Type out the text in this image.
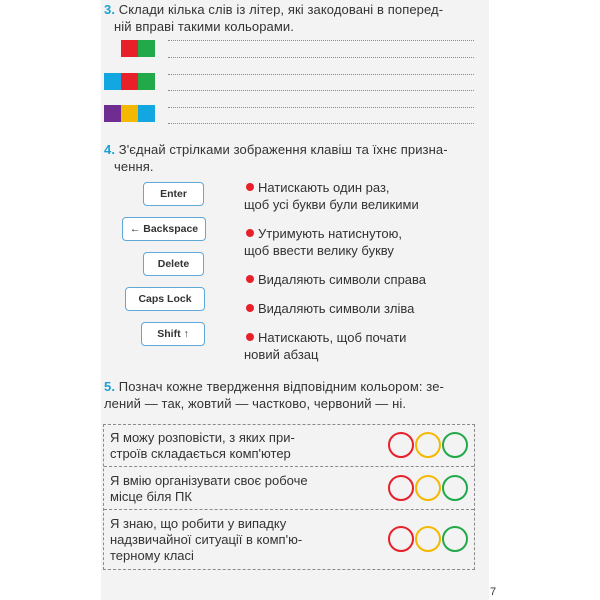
3. Склади кілька слів із літер, які закодовані в поперед-
ній вправі такими кольорами.
4. З'єднай стрілками зображення клавіш та їхнє призна-
чення.
Enter
← Backspace
Delete
Caps Lock
Shift ↑
Натискають один раз,
щоб усі букви були великими
Утримують натиснутою,
щоб ввести велику букву
Видаляють символи справа
Видаляють символи зліва
Натискають, щоб почати
новий абзац
5. Познач кожне твердження відповідним кольором: зе-
лений — так, жовтий — частково, червоний — ні.
Я можу розповісти, з яких при-
строїв складається комп'ютер
Я вмію організувати своє робоче
місце біля ПК
Я знаю, що робити у випадку
надзвичайної ситуації в комп'ю-
терному класі
7
